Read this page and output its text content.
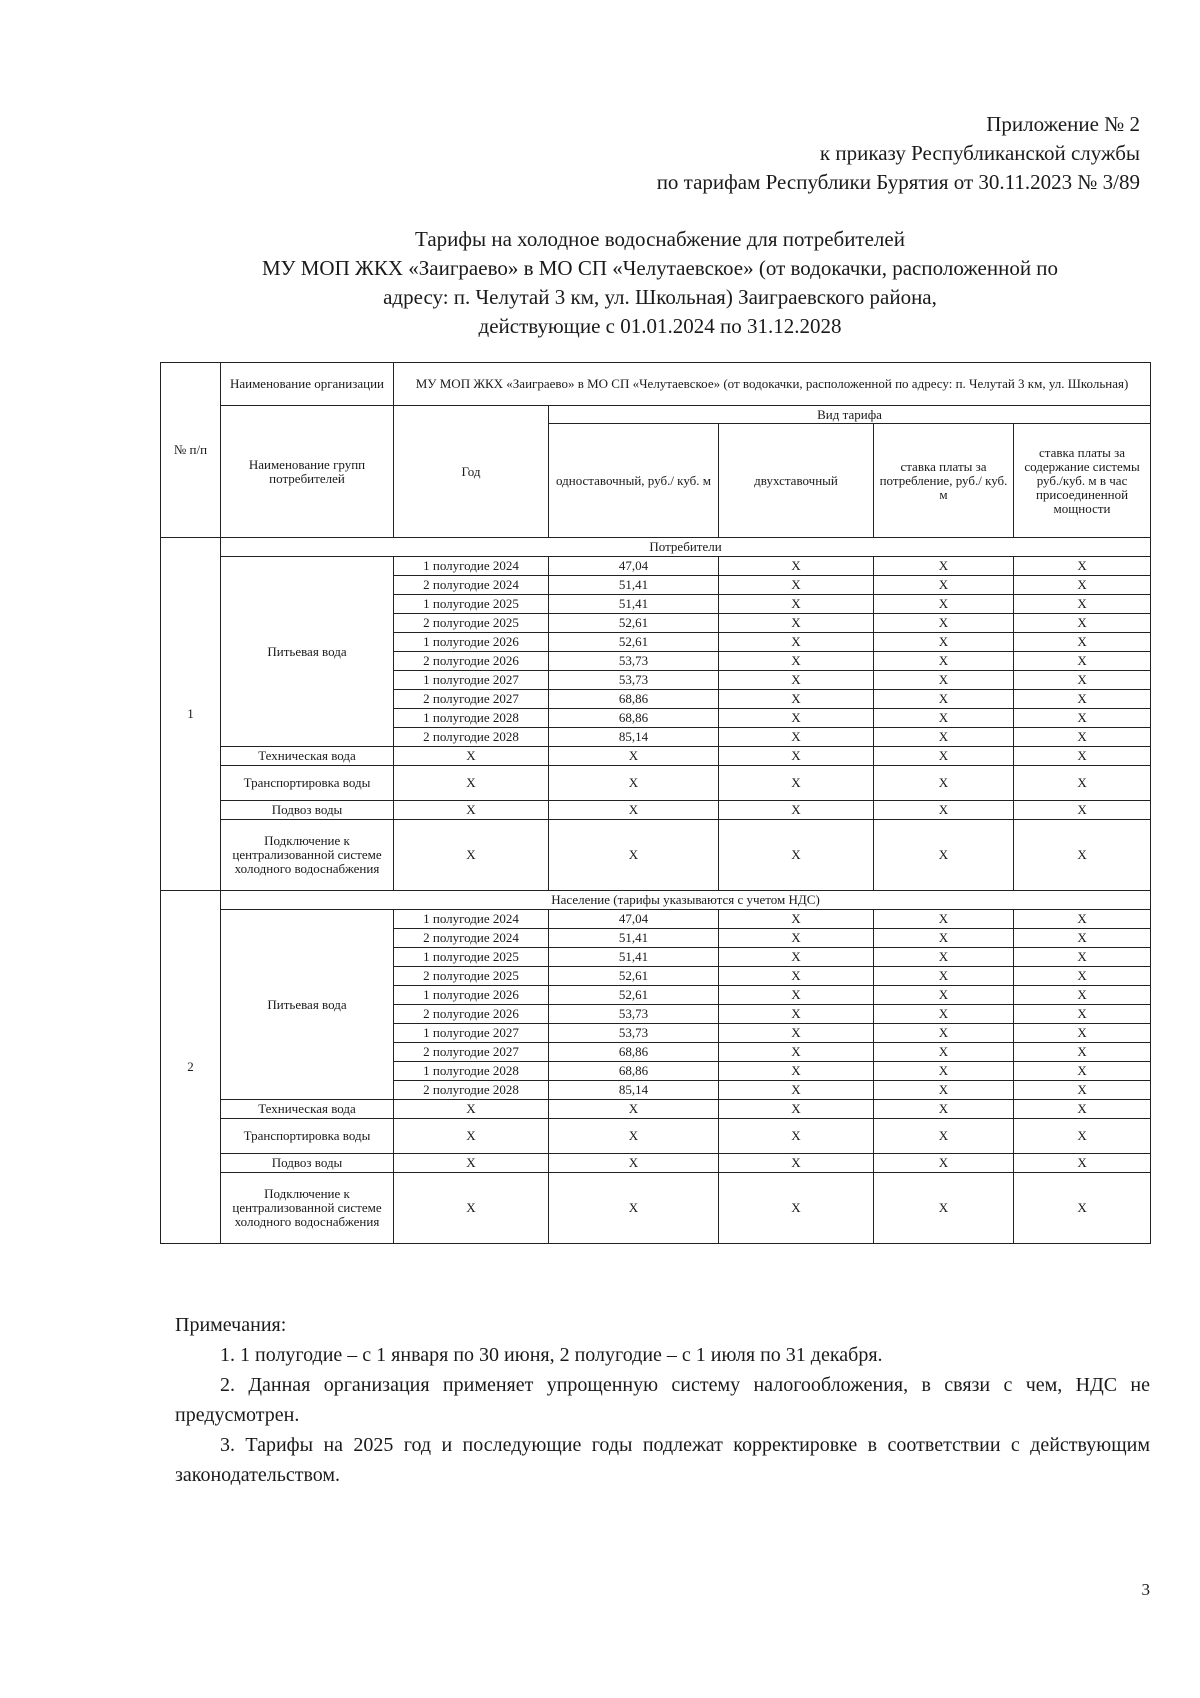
Приложение № 2
к приказу Республиканской службы
по тарифам Республики Бурятия от 30.11.2023 № 3/89
Тарифы на холодное водоснабжение для потребителей
МУ МОП ЖКХ «Заиграево» в МО СП «Челутаевское» (от водокачки, расположенной по
адресу: п. Челутай 3 км, ул. Школьная) Заиграевского района,
действующие с 01.01.2024 по 31.12.2028
№ п/п	Наименование организации	МУ МОП ЖКХ «Заиграево» в МО СП «Челутаевское» (от водокачки, расположенной по адресу: п. Челутай 3 км, ул. Школьная)				
	Наименование групп потребителей	Год	Вид тарифа			
			одноставочный, руб./ куб. м	двухставочный	ставка платы за потребление, руб./ куб. м	ставка платы за содержание системы руб./куб. м в час присоединенной мощности
1	Потребители					
	Питьевая вода	1 полугодие 2024	47,04	X	X	X
		2 полугодие 2024	51,41	X	X	X
		1 полугодие 2025	51,41	X	X	X
		2 полугодие 2025	52,61	X	X	X
		1 полугодие 2026	52,61	X	X	X
		2 полугодие 2026	53,73	X	X	X
		1 полугодие 2027	53,73	X	X	X
		2 полугодие 2027	68,86	X	X	X
		1 полугодие 2028	68,86	X	X	X
		2 полугодие 2028	85,14	X	X	X
	Техническая вода	X	X	X	X	X
	Транспортировка воды	X	X	X	X	X
	Подвоз воды	X	X	X	X	X
	Подключение к централизованной системе холодного водоснабжения	X	X	X	X	X
2	Население (тарифы указываются с учетом НДС)					
	Питьевая вода	1 полугодие 2024	47,04	X	X	X
		2 полугодие 2024	51,41	X	X	X
		1 полугодие 2025	51,41	X	X	X
		2 полугодие 2025	52,61	X	X	X
		1 полугодие 2026	52,61	X	X	X
		2 полугодие 2026	53,73	X	X	X
		1 полугодие 2027	53,73	X	X	X
		2 полугодие 2027	68,86	X	X	X
		1 полугодие 2028	68,86	X	X	X
		2 полугодие 2028	85,14	X	X	X
	Техническая вода	X	X	X	X	X
	Транспортировка воды	X	X	X	X	X
	Подвоз воды	X	X	X	X	X
	Подключение к централизованной системе холодного водоснабжения	X	X	X	X	X

Примечания:

1. 1 полугодие – с 1 января по 30 июня, 2 полугодие – с 1 июля по 31 декабря.

2. Данная организация применяет упрощенную систему налогообложения, в связи с чем, НДС не предусмотрен.

3. Тарифы на 2025 год и последующие годы подлежат корректировке в соответствии с действующим законодательством.

3
